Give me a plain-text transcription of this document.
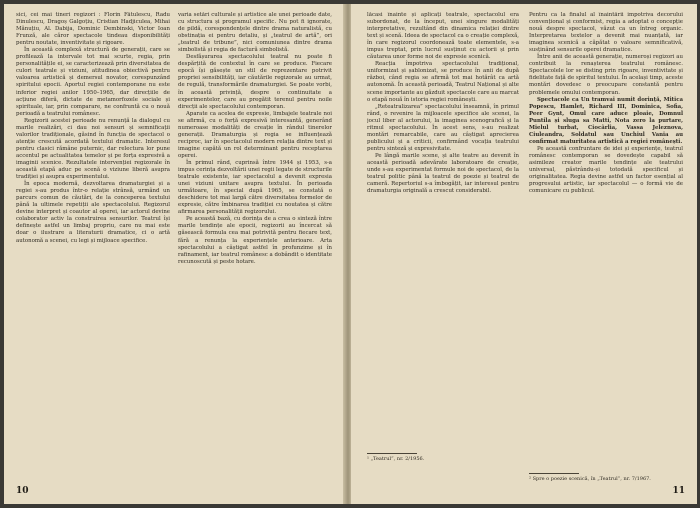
sici, cei mai tineri regizori : Florin Fătulescu, Radu Dinulescu, Dragoș Galgoțiu, Cristian Hadjiculea, Mihai Mănuțiu, Al. Dabija, Dominic Dembinski, Victor Ioan Frunză, ale căror spectacole tindeau disponibilități pentru noutate, inventivitate și rigoare.

În această complexă structură de generații, care se profilează la intervale tot mai scurte, regia, prin personalitățile ei, se caracterizează prin diversitatea de culori teatrale și viziuni, atitudinea obiectivă pentru valoarea artistică și demersul novator, corespunzând spiritului epocii. Aportul regiei contemporane nu este inferior regiei anilor 1950–1965, dar direcțiile de acțiune diferă, dictate de metamorfozele sociale și spirituale, iar, prin comparare, ne confruntă cu o nouă perioadă a teatrului românesc.

Regizorii acestei perioade nu renunță la dialogul cu marile realizări, ci dau noi sensuri și semnificații valorilor tradiționale, găsind în funcția de spectacol o atenție crescută acordată textului dramatic. Interesul pentru clasici rămâne puternic, dar relectura lor pune accentul pe actualitatea temelor și pe forța expresivă a imaginii scenice. Rezultatele intervenției regizorale în această etapă aduc pe scenă o viziune liberă asupra tradiției și asupra experimentului.

În epoca modernă, dezvoltarea dramaturgiei și a regiei s-au produs într-o relație strânsă, urmând un parcurs comun de căutări, de la conceperea textului până la ultimele repetiții ale spectacolului. Regizorul devine interpret și coautor al operei, iar actorul devine colaborator activ la construirea sensurilor. Teatrul își definește astfel un limbaj propriu, care nu mai este doar o ilustrare a literaturii dramatice, ci o artă autonomă a scenei, cu legi și mijloace specifice.

varia setări culturale și artistice ale unei perioade date, cu structura și programul specific. Nu pot fi ignorate, de pildă, corespondențele dintre drama naturalistă, cu obstinația ei pentru detaliu, și „teatrul de artă”, ori „teatrul de tribune”, nici comuniunea dintre drama simbolistă și regia de factură simbolistă.

Desfășurarea spectacolului teatral nu poate fi despărțită de contextul în care se produce. Fiecare epocă își găsește un stil de reprezentare potrivit propriei sensibilități, iar căutările regizorale au urmat, de regulă, transformările dramaturgiei. Se poate vorbi, în această privință, despre o continuitate a experimentelor, care au pregătit terenul pentru noile direcții ale spectacolului contemporan.

Aparate ca acelea de expresie, limbajele teatrale noi se afirmă, cu o forță expresivă interesantă, generând numeroase modalități de creație în rândul tinerelor generații. Dramaturgia și regia se influențează reciproc, iar în spectacolul modern relația dintre text și imagine capătă un rol determinant pentru receptarea operei.

În primul rând, cuprinsă între 1944 și 1953, s-a impus cerința dezvoltării unei regii legate de structurile teatrale existente, iar spectacolul a devenit expresia unei viziuni unitare asupra textului. În perioada următoare, în special după 1965, se constată o deschidere tot mai largă către diversitatea formelor de expresie, către îmbinarea tradiției cu noutatea și către afirmarea personalității regizorului.

Pe această bază, cu dorința de a crea o sinteză între marile tendințe ale epocii, regizorii au încercat să găsească formula cea mai potrivită pentru fiecare text, fără a renunța la experiențele anterioare. Arta spectacolului a câștigat astfel în profunzime și în rafinament, iar teatrul românesc a dobândit o identitate recunoscută și peste hotare.

10

lăcasi înainte și aplicați teatrale, spectacolul era subordonat, de la început, unei singure modalități interpretative, rezultând din dinamica relației dintre text și scenă. Ideea de spectacol ca o creație complexă, în care regizorul coordonează toate elementele, s-a impus treptat, prin lucrul susținut cu actorii și prin căutarea unor forme noi de expresie scenică.

Reacția împotriva spectacolului tradițional, uniformizat și șablonizat, se produce în anii de după război, când regia se afirmă tot mai hotărât ca artă autonomă. În această perioadă, Teatrul Național și alte scene importante au găzduit spectacole care au marcat o etapă nouă în istoria regiei românești.

„Reteatralizarea” spectacolului înseamnă, în primul rând, o revenire la mijloacele specifice ale scenei, la jocul liber al actorului, la imaginea scenografică și la ritmul spectacolului. În acest sens, s-au realizat montări remarcabile, care au câștigat aprecierea publicului și a criticii, confirmând vocația teatrului pentru sinteză și expresivitate.

Pe lângă marile scene, și alte teatre au devenit în această perioadă adevărate laboratoare de creație, unde s-au experimentat formule noi de spectacol, de la teatrul politic până la teatrul de poezie și teatrul de cameră. Repertoriul s-a îmbogățit, iar interesul pentru dramaturgia originală a crescut considerabil.

¹ „Teatrul”, nr. 2/1956.

Pentru ca la finalul al înaintării impotriva decorului convențional și conformist, regia a adoptat o concepție nouă despre spectacol, văzut ca un întreg organic. Interpretarea textelor a devenit mai nuanțată, iar imaginea scenică a căpătat o valoare semnificativă, susținând sensurile operei dramatice.

Între anii de această generație, numeroși regizori au contribuit la renașterea teatrului românesc. Spectacolele lor se disting prin rigoare, inventivitate și fidelitate față de spiritul textului. În același timp, aceste montări dovedesc o preocupare constantă pentru problemele omului contemporan.

Spectacole ca Un tramvai numit dorință, Mitica Popescu, Hamlet, Richard III, Dominica, Sofia, Peer Gynt, Omul care aduce ploaie, Domnul Puntila și sluga sa Matti, Nota zero la purtare, Mielul turbat, Ciocârlia, Vassa Jeleznova, Ciuleandra, Soldatul sau Unchiul Vania au confirmat maturitatea artistică a regiei românești.

Pe această confruntare de idei și experiențe, teatrul românesc contemporan se dovedește capabil să asimileze creator marile tendințe ale teatrului universal, păstrându-și totodată specificul și originalitatea. Regia devine astfel un factor esențial al progresului artistic, iar spectacolul — o formă vie de comunicare cu publicul.

² Spre o poezie scenică, în „Teatrul”, nr. 7/1967.
11
